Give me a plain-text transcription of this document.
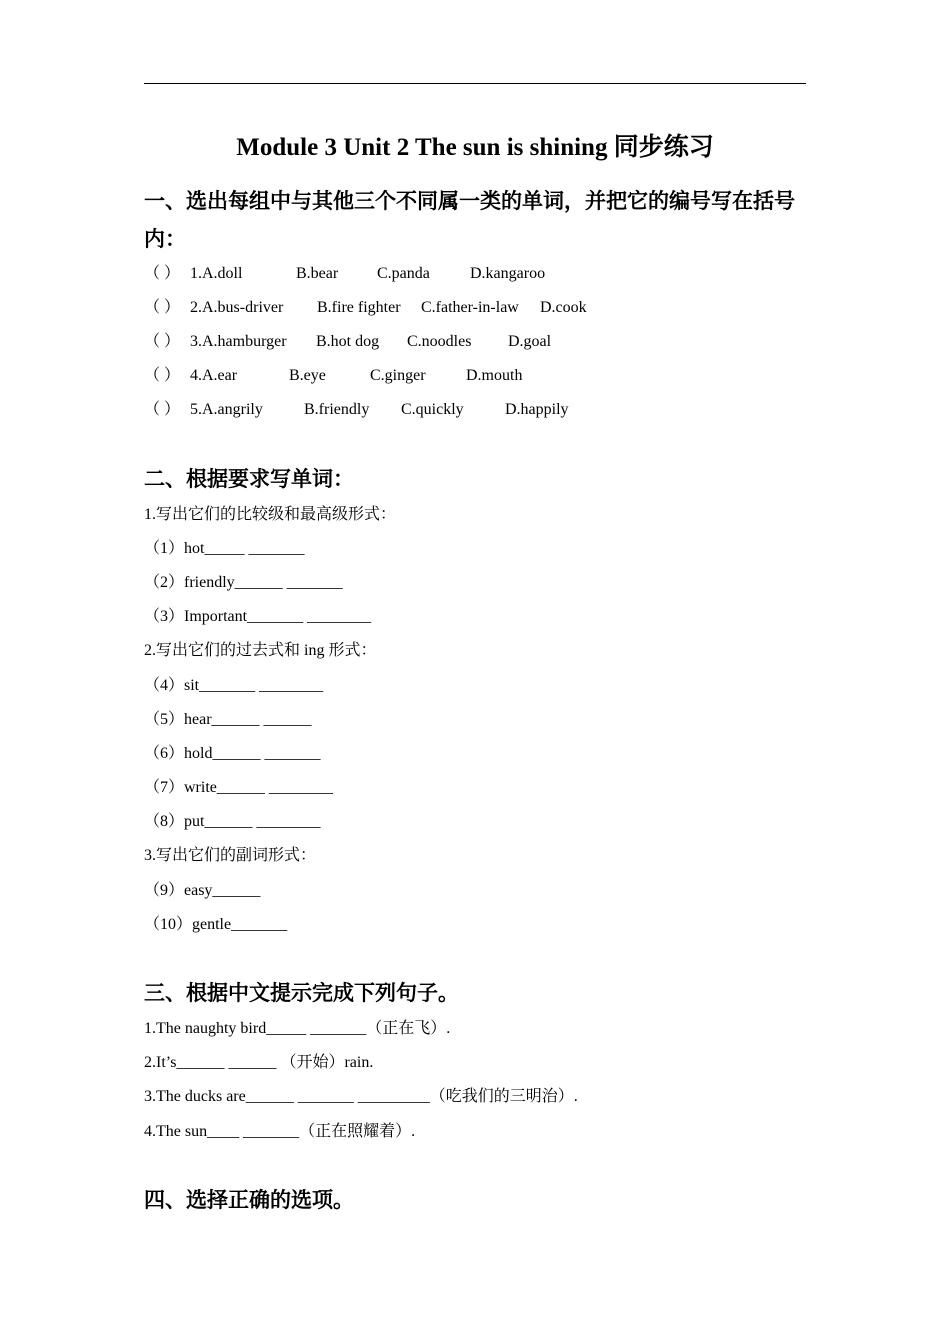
Module 3 Unit 2 The sun is shining 同步练习
一、选出每组中与其他三个不同属一类的单词，并把它的编号写在括号内：
（ ） 1.A.doll	B.bear C.panda	D.kangaroo
（ ） 2.A.bus-driver B.fire fighter C.father-in-law D.cook
（ ） 3.A.hamburger B.hot dog C.noodles D.goal
（ ） 4.A.ear	B.eye	C.ginger	D.mouth
（ ） 5.A.angrily	B.friendly C.quickly	D.happily
二、根据要求写单词：
1.写出它们的比较级和最高级形式：
（1）hot_____ _______
（2）friendly______ _______
（3）Important_______ ________
2.写出它们的过去式和 ing 形式：
（4）sit_______ ________
（5）hear______ ______
（6）hold______ _______
（7）write______ ________
（8）put______ ________
3.写出它们的副词形式：
（9）easy______
（10）gentle_______
三、根据中文提示完成下列句子。
1.The naughty bird_____ _______（正在飞）.
2.It’s______ ______ （开始）rain.
3.The ducks are______ _______ _________（吃我们的三明治）.
4.The sun____ _______（正在照耀着）.
四、选择正确的选项。
